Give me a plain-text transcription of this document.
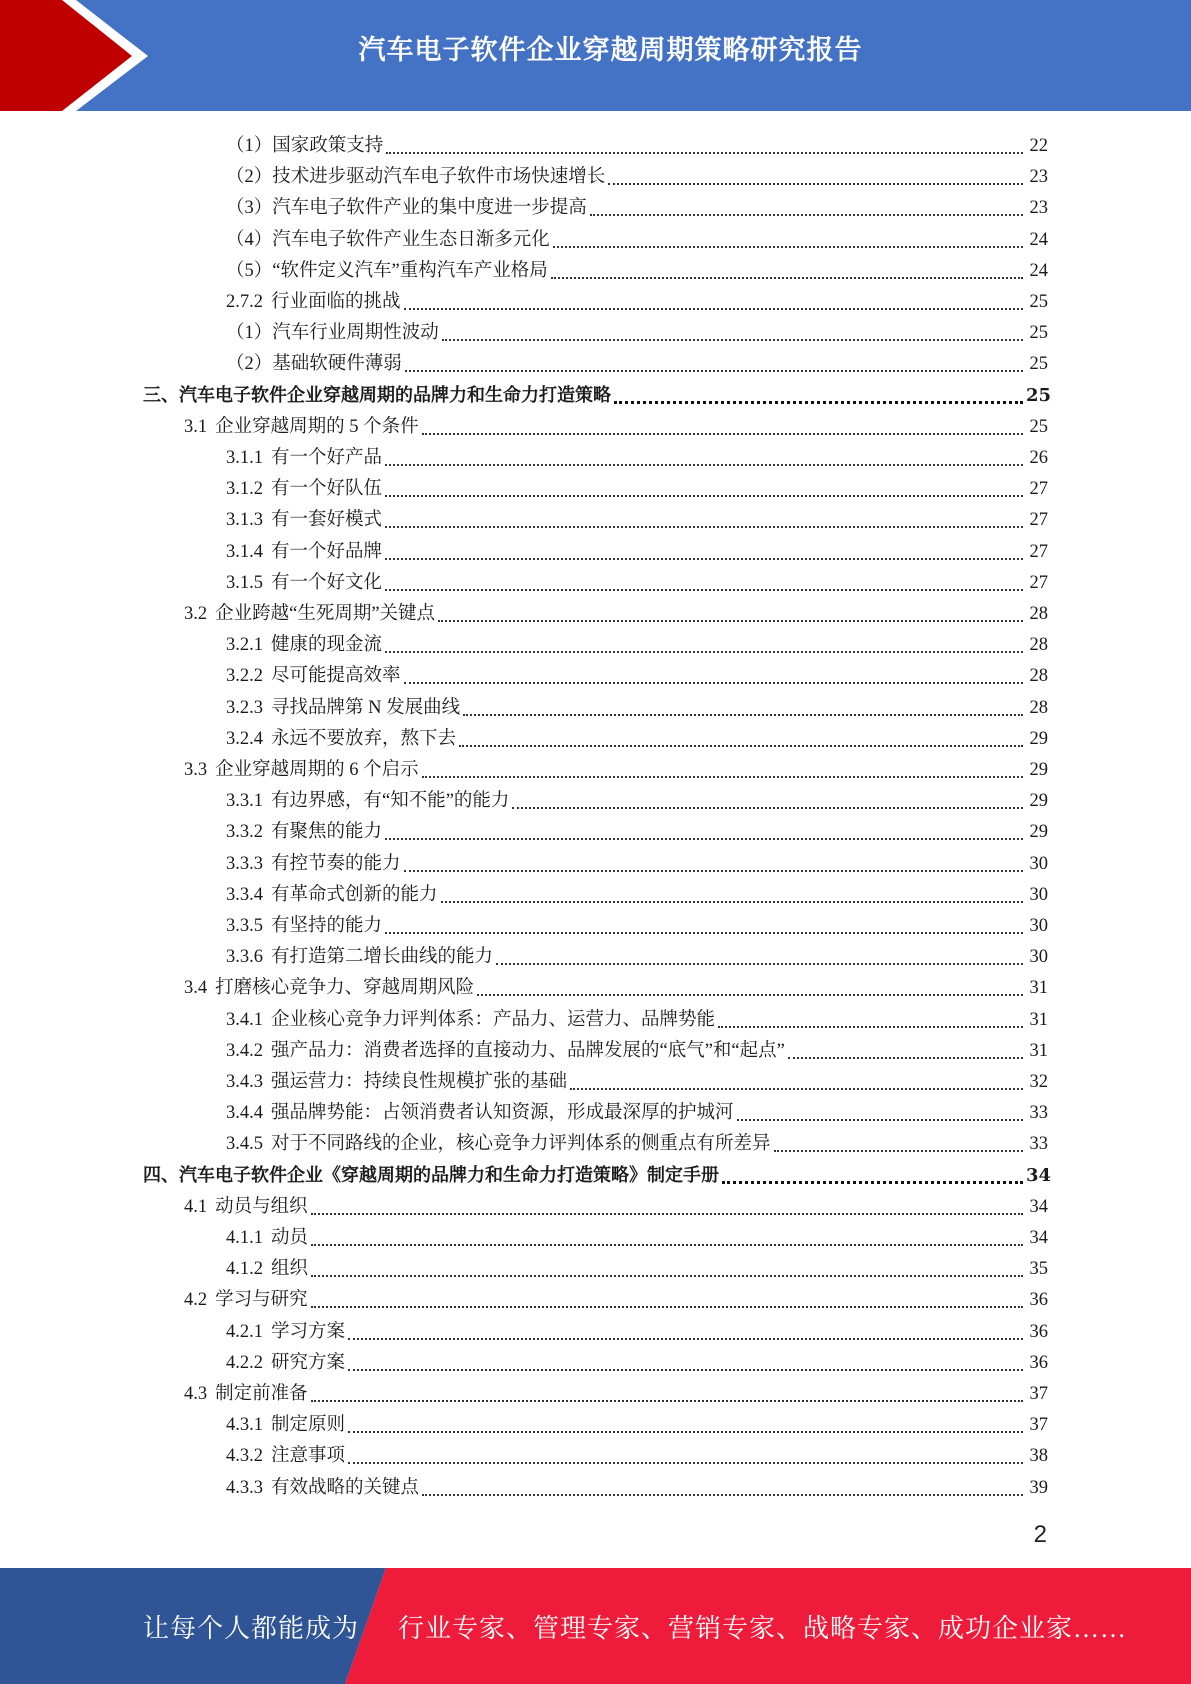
汽车电子软件企业穿越周期策略研究报告
（1） 国家政策支持	22
（2） 技术进步驱动汽车电子软件市场快速增长	23
（3） 汽车电子软件产业的集中度进一步提高	23
（4） 汽车电子软件产业生态日渐多元化	24
（5） “软件定义汽车”重构汽车产业格局	24
2.7.2 行业面临的挑战	25
（1） 汽车行业周期性波动	25
（2） 基础软硬件薄弱	25
三、 汽车电子软件企业穿越周期的品牌力和生命力打造策略	25
3.1 企业穿越周期的 5 个条件	25
3.1.1 有一个好产品	26
3.1.2 有一个好队伍	27
3.1.3 有一套好模式	27
3.1.4 有一个好品牌	27
3.1.5 有一个好文化	27
3.2 企业跨越“生死周期”关键点	28
3.2.1 健康的现金流	28
3.2.2 尽可能提高效率	28
3.2.3 寻找品牌第 N 发展曲线	28
3.2.4 永远不要放弃，熬下去	29
3.3 企业穿越周期的 6 个启示	29
3.3.1 有边界感，有“知不能”的能力	29
3.3.2 有聚焦的能力	29
3.3.3 有控节奏的能力	30
3.3.4 有革命式创新的能力	30
3.3.5 有坚持的能力	30
3.3.6 有打造第二增长曲线的能力	30
3.4 打磨核心竞争力、穿越周期风险	31
3.4.1 企业核心竞争力评判体系：产品力、运营力、品牌势能	31
3.4.2 强产品力：消费者选择的直接动力、品牌发展的“底气”和“起点”	31
3.4.3 强运营力：持续良性规模扩张的基础	32
3.4.4 强品牌势能：占领消费者认知资源，形成最深厚的护城河	33
3.4.5 对于不同路线的企业，核心竞争力评判体系的侧重点有所差异	33
四、 汽车电子软件企业《穿越周期的品牌力和生命力打造策略》制定手册	34
4.1 动员与组织	34
4.1.1 动员	34
4.1.2 组织	35
4.2 学习与研究	36
4.2.1 学习方案	36
4.2.2 研究方案	36
4.3 制定前准备	37
4.3.1 制定原则	37
4.3.2 注意事项	38
4.3.3 有效战略的关键点	39
2
让每个人都能成为 行业专家、管理专家、营销专家、战略专家、成功企业家……
